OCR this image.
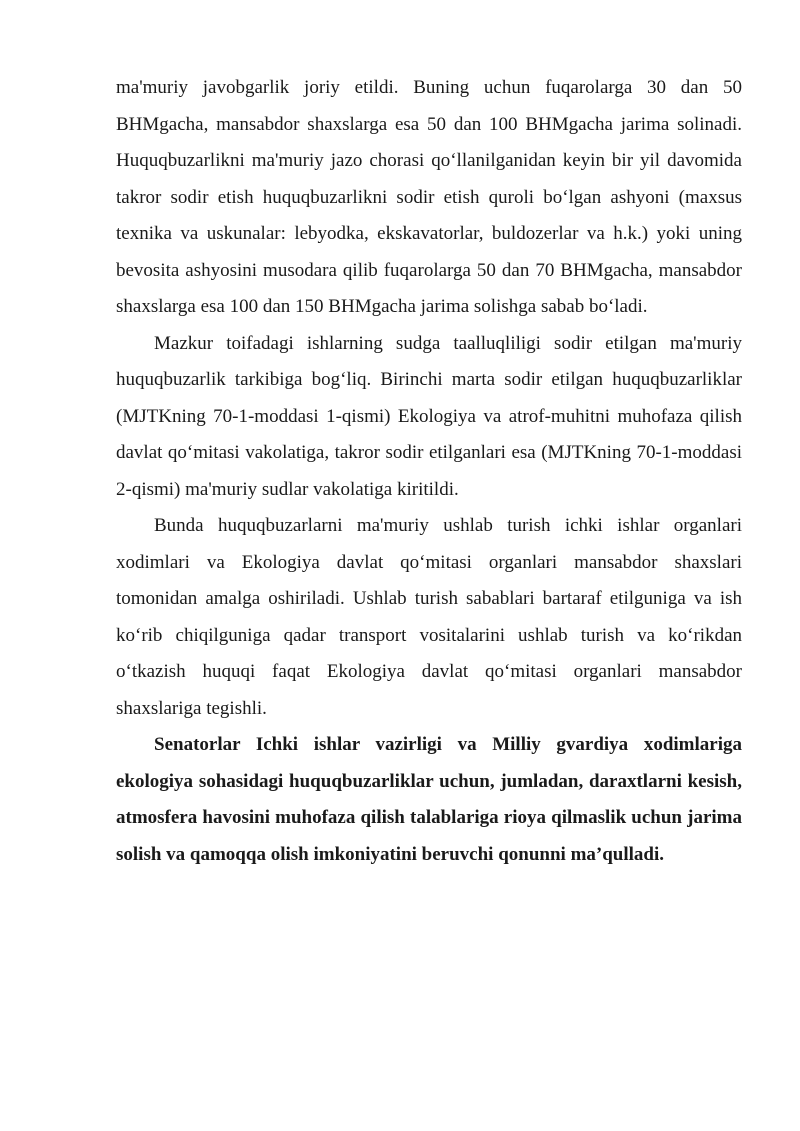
ma'muriy javobgarlik joriy etildi. Buning uchun fuqarolarga 30 dan 50 BHMgacha, mansabdor shaxslarga esa 50 dan 100 BHMgacha jarima solinadi. Huquqbuzarlikni ma'muriy jazo chorasi qo‘llanilganidan keyin bir yil davomida takror sodir etish huquqbuzarlikni sodir etish quroli bo‘lgan ashyoni (maxsus texnika va uskunalar: lebyodka, ekskavatorlar, buldozerlar va h.k.) yoki uning bevosita ashyosini musodara qilib fuqarolarga 50 dan 70 BHMgacha, mansabdor shaxslarga esa 100 dan 150 BHMgacha jarima solishga sabab bo‘ladi.

Mazkur toifadagi ishlarning sudga taalluqliligi sodir etilgan ma'muriy huquqbuzarlik tarkibiga bog‘liq. Birinchi marta sodir etilgan huquqbuzarliklar (MJTKning 70-1-moddasi 1-qismi) Ekologiya va atrof-muhitni muhofaza qilish davlat qo‘mitasi vakolatiga, takror sodir etilganlari esa (MJTKning 70-1-moddasi 2-qismi) ma'muriy sudlar vakolatiga kiritildi.

Bunda huquqbuzarlarni ma'muriy ushlab turish ichki ishlar organlari xodimlari va Ekologiya davlat qo‘mitasi organlari mansabdor shaxslari tomonidan amalga oshiriladi. Ushlab turish sabablari bartaraf etilguniga va ish ko‘rib chiqilguniga qadar transport vositalarini ushlab turish va ko‘rikdan o‘tkazish huquqi faqat Ekologiya davlat qo‘mitasi organlari mansabdor shaxslariga tegishli.

Senatorlar Ichki ishlar vazirligi va Milliy gvardiya xodimlariga ekologiya sohasidagi huquqbuzarliklar uchun, jumladan, daraxtlarni kesish, atmosfera havosini muhofaza qilish talablariga rioya qilmaslik uchun jarima solish va qamoqqa olish imkoniyatini beruvchi qonunni ma’qulladi.
